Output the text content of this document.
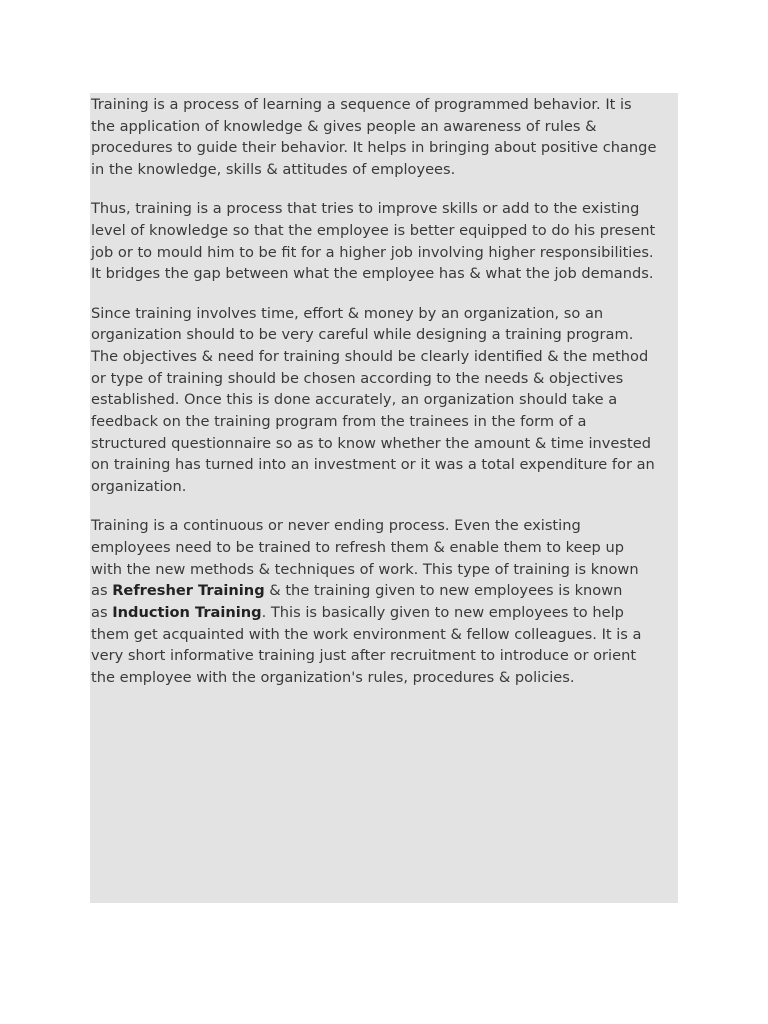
Training is a process of learning a sequence of programmed behavior. It is
the application of knowledge & gives people an awareness of rules &
procedures to guide their behavior. It helps in bringing about positive change
in the knowledge, skills & attitudes of employees.

Thus, training is a process that tries to improve skills or add to the existing
level of knowledge so that the employee is better equipped to do his present
job or to mould him to be fit for a higher job involving higher responsibilities.
It bridges the gap between what the employee has & what the job demands.

Since training involves time, effort & money by an organization, so an
organization should to be very careful while designing a training program.
The objectives & need for training should be clearly identified & the method
or type of training should be chosen according to the needs & objectives
established. Once this is done accurately, an organization should take a
feedback on the training program from the trainees in the form of a
structured questionnaire so as to know whether the amount & time invested
on training has turned into an investment or it was a total expenditure for an
organization.

Training is a continuous or never ending process. Even the existing
employees need to be trained to refresh them & enable them to keep up
with the new methods & techniques of work. This type of training is known
as Refresher Training & the training given to new employees is known
as Induction Training. This is basically given to new employees to help
them get acquainted with the work environment & fellow colleagues. It is a
very short informative training just after recruitment to introduce or orient
the employee with the organization's rules, procedures & policies.
